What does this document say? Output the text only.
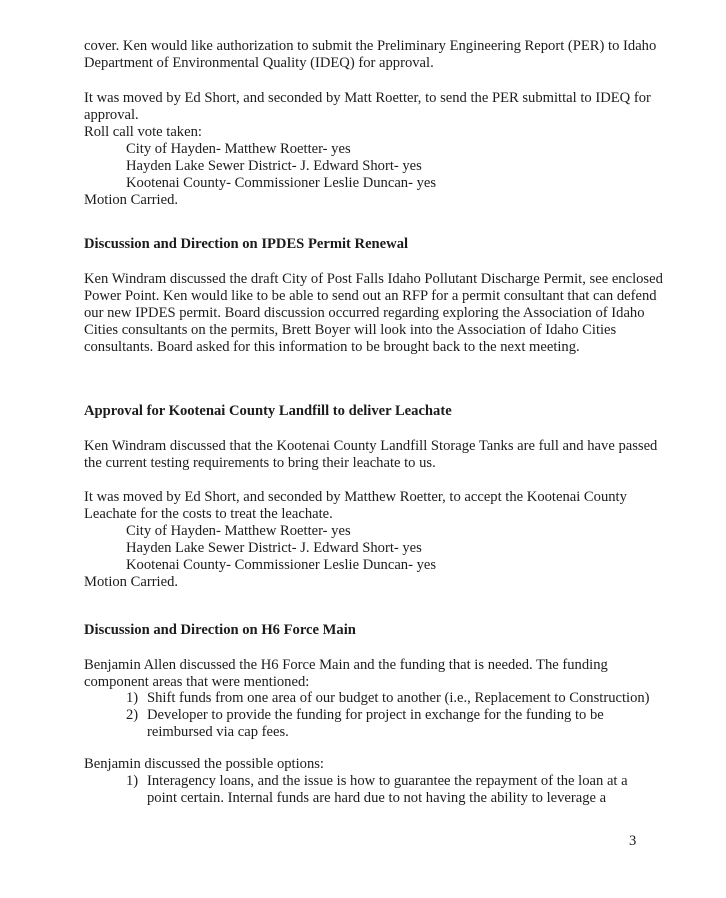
cover. Ken would like authorization to submit the Preliminary Engineering Report (PER) to Idaho Department of Environmental Quality (IDEQ) for approval.

It was moved by Ed Short, and seconded by Matt Roetter, to send the PER submittal to IDEQ for approval.

Roll call vote taken:

City of Hayden- Matthew Roetter- yes

Hayden Lake Sewer District- J. Edward Short- yes

Kootenai County- Commissioner Leslie Duncan- yes

Motion Carried.

Discussion and Direction on IPDES Permit Renewal

Ken Windram discussed the draft City of Post Falls Idaho Pollutant Discharge Permit, see enclosed Power Point. Ken would like to be able to send out an RFP for a permit consultant that can defend our new IPDES permit. Board discussion occurred regarding exploring the Association of Idaho Cities consultants on the permits, Brett Boyer will look into the Association of Idaho Cities consultants. Board asked for this information to be brought back to the next meeting.

Approval for Kootenai County Landfill to deliver Leachate

Ken Windram discussed that the Kootenai County Landfill Storage Tanks are full and have passed the current testing requirements to bring their leachate to us.

It was moved by Ed Short, and seconded by Matthew Roetter, to accept the Kootenai County Leachate for the costs to treat the leachate.

City of Hayden- Matthew Roetter- yes

Hayden Lake Sewer District- J. Edward Short- yes

Kootenai County- Commissioner Leslie Duncan- yes

Motion Carried.

Discussion and Direction on H6 Force Main

Benjamin Allen discussed the H6 Force Main and the funding that is needed. The funding component areas that were mentioned:

1) Shift funds from one area of our budget to another (i.e., Replacement to Construction)

2) Developer to provide the funding for project in exchange for the funding to be reimbursed via cap fees.

Benjamin discussed the possible options:

1) Interagency loans, and the issue is how to guarantee the repayment of the loan at a point certain. Internal funds are hard due to not having the ability to leverage a

3
